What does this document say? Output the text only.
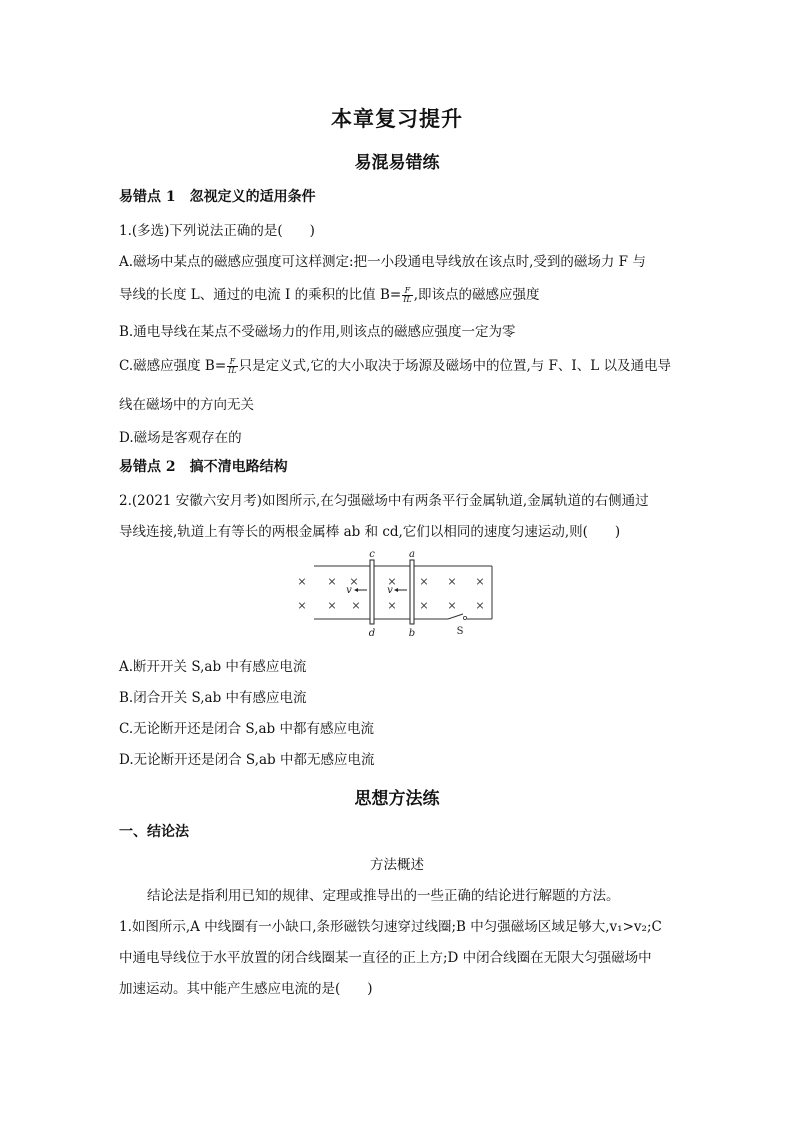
本章复习提升
易混易错练
易错点 1 忽视定义的适用条件
1.(多选)下列说法正确的是(　　)
A.磁场中某点的磁感应强度可这样测定:把一小段通电导线放在该点时,受到的磁场力 F 与
导线的长度 L、通过的电流 I 的乘积的比值 $B= \frac{F}{IL}$ ,即该点的磁感应强度
B.通电导线在某点不受磁场力的作用,则该点的磁感应强度一定为零
C.磁感应强度 $B= \frac{F}{IL}$ 只是定义式,它的大小取决于场源及磁场中的位置,与 F、I、L 以及通电导
线在磁场中的方向无关
D.磁场是客观存在的
易错点 2 搞不清电路结构
2.(2021 安徽六安月考)如图所示,在匀强磁场中有两条平行金属轨道,金属轨道的右侧通过
导线连接,轨道上有等长的两根金属棒 ab 和 cd,它们以相同的速度匀速运动,则(　　)
× × ×	× × × ×
× × × × × × ×
c	a
d	b
v	v
S
A.断开开关 S,ab 中有感应电流
B.闭合开关 S,ab 中有感应电流
C.无论断开还是闭合 S,ab 中都有感应电流
D.无论断开还是闭合 S,ab 中都无感应电流
思想方法练
一、结论法
方法概述
结论法是指利用已知的规律、定理或推导出的一些正确的结论进行解题的方法。
1.如图所示,A 中线圈有一小缺口,条形磁铁匀速穿过线圈;B 中匀强磁场区域足够大,v₁>v₂;C
中通电导线位于水平放置的闭合线圈某一直径的正上方;D 中闭合线圈在无限大匀强磁场中
加速运动。其中能产生感应电流的是(　　)
